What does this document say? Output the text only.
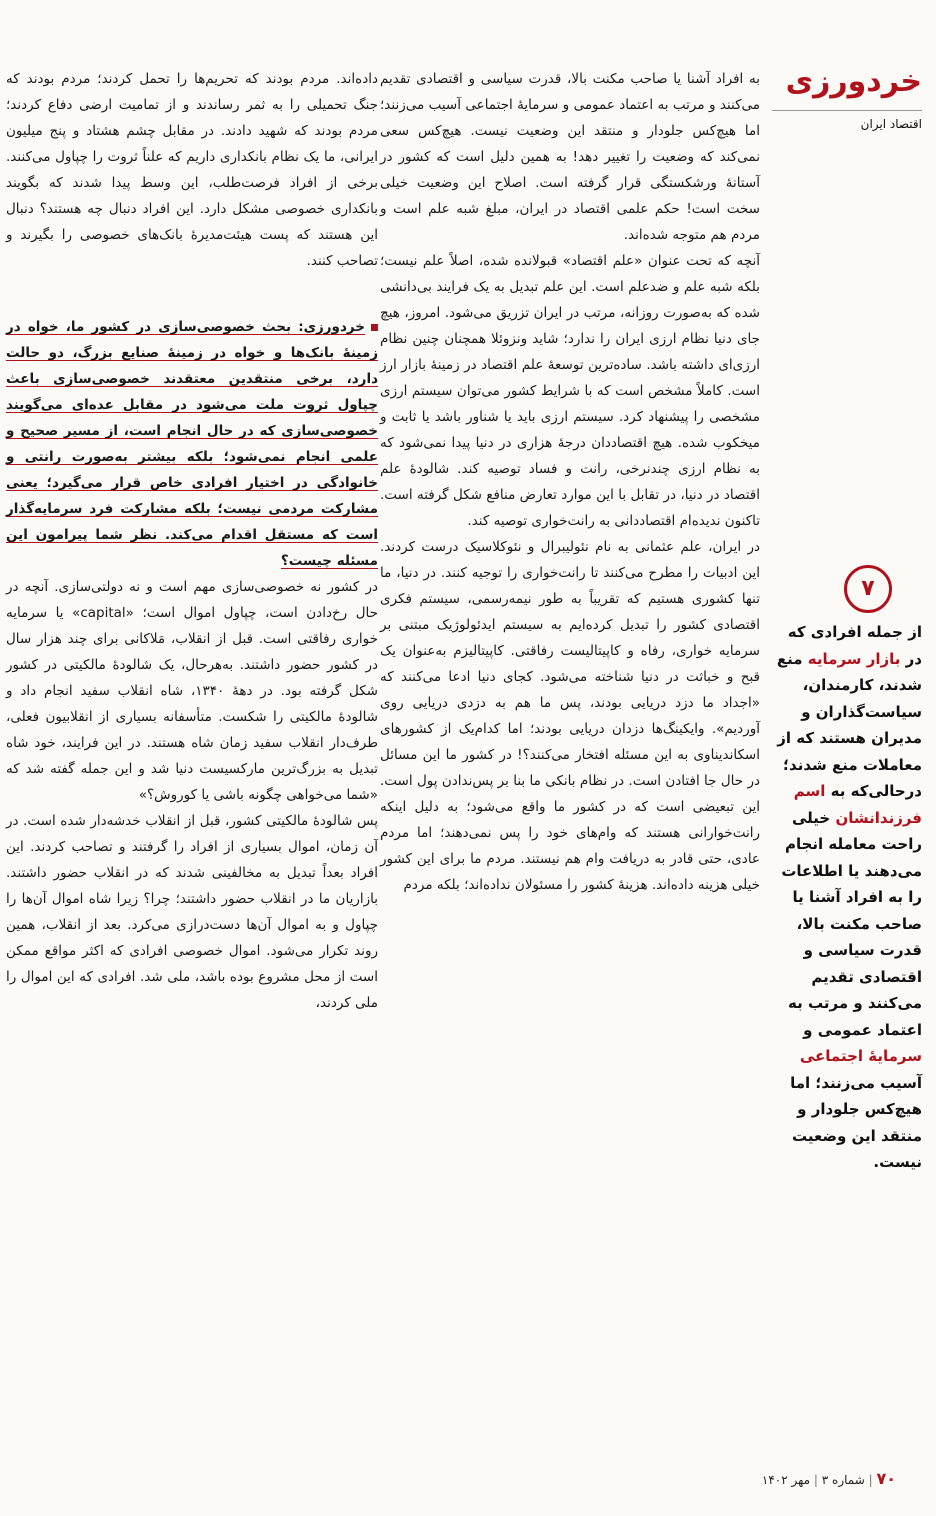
خردورزی
اقتصاد ایران

به افراد آشنا یا صاحب مکنت بالا، قدرت سیاسی و اقتصادی تقدیم می‌کنند و مرتب به اعتماد عمومی و سرمایهٔ اجتماعی آسیب می‌زنند؛ اما هیچ‌کس جلودار و منتقد این وضعیت نیست. هیچ‌کس سعی نمی‌کند که وضعیت را تغییر دهد! به همین دلیل است که کشور در آستانهٔ ورشکستگی قرار گرفته است. اصلاح این وضعیت خیلی سخت است! حکم علمی اقتصاد در ایران، مبلغ شبه علم است و مردم هم متوجه شده‌اند.

آنچه که تحت عنوان «علم اقتصاد» قبولانده شده، اصلاً علم نیست؛ بلکه شبه علم و ضدعلم است. این علم تبدیل به یک فرایند بی‌دانشی شده که به‌صورت روزانه، مرتب در ایران تزریق می‌شود. امروز، هیچ جای دنیا نظام ارزی ایران را ندارد؛ شاید ونزوئلا همچنان چنین نظام ارزی‌ای داشته باشد. ساده‌ترین توسعهٔ علم اقتصاد در زمینهٔ بازار ارز است. کاملاً مشخص است که با شرایط کشور می‌توان سیستم ارزی مشخصی را پیشنهاد کرد. سیستم ارزی باید یا شناور باشد یا ثابت و میخکوب شده. هیچ اقتصاددان درجهٔ هزاری در دنیا پیدا نمی‌شود که به نظام ارزی چندنرخی، رانت و فساد توصیه کند. شالودهٔ علم اقتصاد در دنیا، در تقابل با این موارد تعارض منافع شکل گرفته است. تاکنون ندیده‌ام اقتصاددانی به رانت‌خواری توصیه کند.

در ایران، علم عثمانی به نام نئولیبرال و نئوکلاسیک درست کردند. این ادبیات را مطرح می‌کنند تا رانت‌خواری را توجیه کنند. در دنیا، ما تنها کشوری هستیم که تقریباً به طور نیمه‌رسمی، سیستم فکری اقتصادی کشور را تبدیل کرده‌ایم به سیستم ایدئولوژیک مبتنی بر سرمایه خواری، رفاه و کاپیتالیست رفاقتی. کاپیتالیزم به‌عنوان یک قبح و خباثت در دنیا شناخته می‌شود. کجای دنیا ادعا می‌کنند که «اجداد ما دزد دریایی بودند، پس ما هم به دزدی دریایی روی آوردیم». وایکینگ‌ها دزدان دریایی بودند؛ اما کدام‌یک از کشورهای اسکاندیناوی به این مسئله افتخار می‌کنند؟! در کشور ما این مسائل در حال جا افتادن است. در نظام بانکی ما بنا بر پس‌ندادن پول است. این تبعیضی است که در کشور ما واقع می‌شود؛ به دلیل اینکه رانت‌خوارانی هستند که وام‌های خود را پس نمی‌دهند؛ اما مردم عادی، حتی قادر به دریافت وام هم نیستند. مردم ما برای این کشور خیلی هزینه داده‌اند. هزینهٔ کشور را مسئولان نداده‌اند؛ بلکه مردم

داده‌اند. مردم بودند که تحریم‌ها را تحمل کردند؛ مردم بودند که جنگ تحمیلی را به ثمر رساندند و از تمامیت ارضی دفاع کردند؛ مردم بودند که شهید دادند. در مقابل چشم هشتاد و پنج میلیون ایرانی، ما یک نظام بانکداری داریم که علناً ثروت را چپاول می‌کنند. برخی از افراد فرصت‌طلب، این وسط پیدا شدند که بگویند بانکداری خصوصی مشکل دارد. این افراد دنبال چه هستند؟ دنبال این هستند که پست هیئت‌مدیرهٔ بانک‌های خصوصی را بگیرند و تصاحب کنند.

خردورزی: بحث خصوصی‌سازی در کشور ما، خواه در زمینهٔ بانک‌ها و خواه در زمینهٔ صنایع بزرگ، دو حالت دارد، برخی منتقدین معتقدند خصوصی‌سازی باعث چپاول ثروت ملت می‌شود در مقابل عده‌ای می‌گویند خصوصی‌سازی که در حال انجام است، از مسیر صحیح و علمی انجام نمی‌شود؛ بلکه بیشتر به‌صورت رانتی و خانوادگی در اختیار افرادی خاص قرار می‌گیرد؛ یعنی مشارکت مردمی نیست؛ بلکه مشارکت فرد سرمایه‌گذار است که مستقل اقدام می‌کند. نظر شما پیرامون این مسئله چیست؟

در کشور نه خصوصی‌سازی مهم است و نه دولتی‌سازی. آنچه در حال رخ‌دادن است، چپاول اموال است؛ «capital» یا سرمایه خواری رفاقتی است. قبل از انقلاب، مَلاکانی برای چند هزار سال در کشور حضور داشتند. به‌هرحال، یک شالودهٔ مالکیتی در کشور شکل گرفته بود. در دههٔ ۱۳۴۰، شاه انقلاب سفید انجام داد و شالودهٔ مالکیتی را شکست. متأسفانه بسیاری از انقلابیون فعلی، طرف‌دار انقلاب سفید زمان شاه هستند. در این فرایند، خود شاه تبدیل به بزرگ‌ترین مارکسیست دنیا شد و این جمله گفته شد که «شما می‌خواهی چگونه باشی یا کوروش؟»

پس شالودهٔ مالکیتی کشور، قبل از انقلاب خدشه‌دار شده است. در آن زمان، اموال بسیاری از افراد را گرفتند و تصاحب کردند. این افراد بعداً تبدیل به مخالفینی شدند که در انقلاب حضور داشتند. بازاریان ما در انقلاب حضور داشتند؛ چرا؟ زیرا شاه اموال آن‌ها را چپاول و به اموال آن‌ها دست‌درازی می‌کرد. بعد از انقلاب، همین روند تکرار می‌شود. اموال خصوصی افرادی که اکثر مواقع ممکن است از محل مشروع بوده باشد، ملی شد. افرادی که این اموال را ملی کردند،

۷
از جمله افرادی که در بازار سرمایه منع شدند، کارمندان، سیاست‌گذاران و مدیران هستند که از معاملات منع شدند؛ درحالی‌که به اسم فرزندانشان خیلی راحت معامله انجام می‌دهند یا اطلاعات را به افراد آشنا یا صاحب مکنت بالا، قدرت سیاسی و اقتصادی تقدیم می‌کنند و مرتب به اعتماد عمومی و سرمایهٔ اجتماعی آسیب می‌زنند؛ اما هیچ‌کس جلودار و منتقد این وضعیت نیست.
۷۰ | شماره ۳ | مهر ۱۴۰۲
